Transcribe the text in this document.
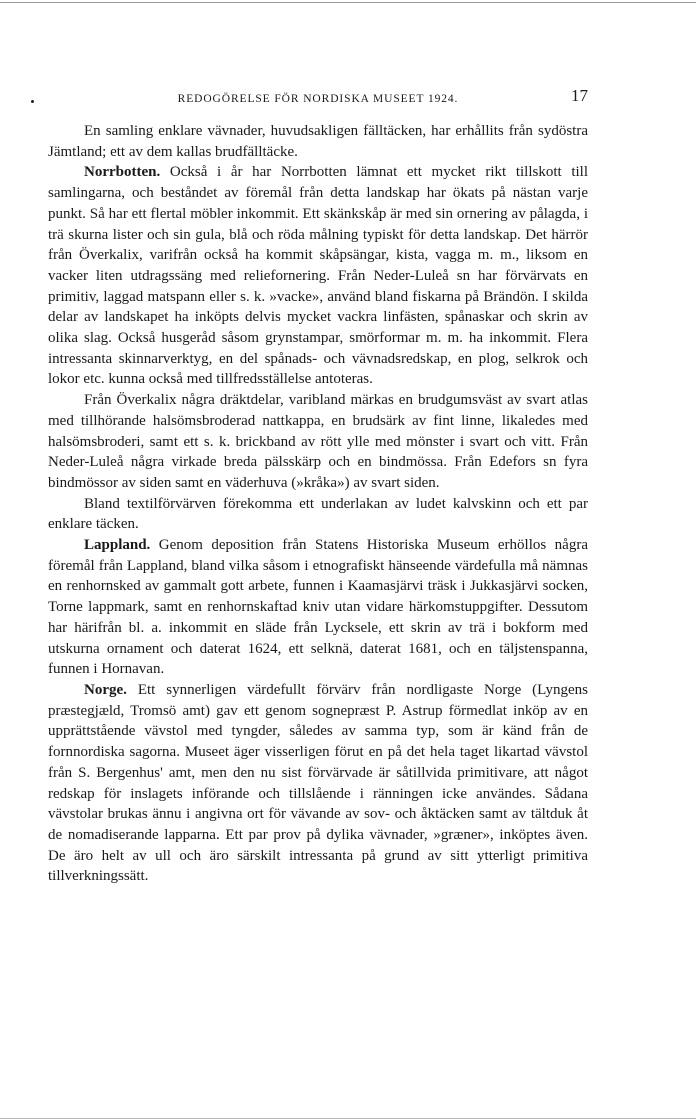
REDOGÖRELSE FÖR NORDISKA MUSEET 1924.	17

En samling enklare vävnader, huvudsakligen fälltäcken, har erhållits från sydöstra Jämtland; ett av dem kallas brudfälltäcke.

Norrbotten. Också i år har Norrbotten lämnat ett mycket rikt tillskott till samlingarna, och beståndet av föremål från detta landskap har ökats på nästan varje punkt. Så har ett flertal möbler inkommit. Ett skänkskåp är med sin ornering av pålagda, i trä skurna lister och sin gula, blå och röda målning typiskt för detta landskap. Det härrör från Överkalix, varifrån också ha kommit skåpsängar, kista, vagga m. m., liksom en vacker liten utdragssäng med reliefornering. Från Neder-Luleå sn har förvärvats en primitiv, laggad matspann eller s. k. »vacke», använd bland fiskarna på Brändön. I skilda delar av landskapet ha inköpts delvis mycket vackra linfästen, spånaskar och skrin av olika slag. Också husgeråd såsom grynstampar, smörformar m. m. ha inkommit. Flera intressanta skinnarverktyg, en del spånads- och vävnadsredskap, en plog, selkrok och lokor etc. kunna också med tillfredsställelse antoteras.

Från Överkalix några dräktdelar, varibland märkas en brudgumsväst av svart atlas med tillhörande halsömsbroderad nattkappa, en brudsärk av fint linne, likaledes med halsömsbroderi, samt ett s. k. brickband av rött ylle med mönster i svart och vitt. Från Neder-Luleå några virkade breda pälsskärp och en bindmössa. Från Edefors sn fyra bindmössor av siden samt en väderhuva (»kråka») av svart siden.

Bland textilförvärven förekomma ett underlakan av ludet kalvskinn och ett par enklare täcken.

Lappland. Genom deposition från Statens Historiska Museum erhöllos några föremål från Lappland, bland vilka såsom i etnografiskt hänseende värdefulla må nämnas en renhornsked av gammalt gott arbete, funnen i Kaamasjärvi träsk i Jukkasjärvi socken, Torne lappmark, samt en renhornskaftad kniv utan vidare härkomstuppgifter. Dessutom har härifrån bl. a. inkommit en släde från Lycksele, ett skrin av trä i bokform med utskurna ornament och daterat 1624, ett selknä, daterat 1681, och en täljstenspanna, funnen i Hornavan.

Norge. Ett synnerligen värdefullt förvärv från nordligaste Norge (Lyngens præstegjæld, Tromsö amt) gav ett genom sognepræst P. Astrup förmedlat inköp av en upprättstående vävstol med tyngder, således av samma typ, som är känd från de fornnordiska sagorna. Museet äger visserligen förut en på det hela taget likartad vävstol från S. Bergenhus' amt, men den nu sist förvärvade är såtillvida primitivare, att något redskap för inslagets införande och tillslående i ränningen icke användes. Sådana vävstolar brukas ännu i angivna ort för vävande av sov- och åktäcken samt av tältduk åt de nomadiserande lapparna. Ett par prov på dylika vävnader, »græner», inköptes även. De äro helt av ull och äro särskilt intressanta på grund av sitt ytterligt primitiva tillverkningssätt.
